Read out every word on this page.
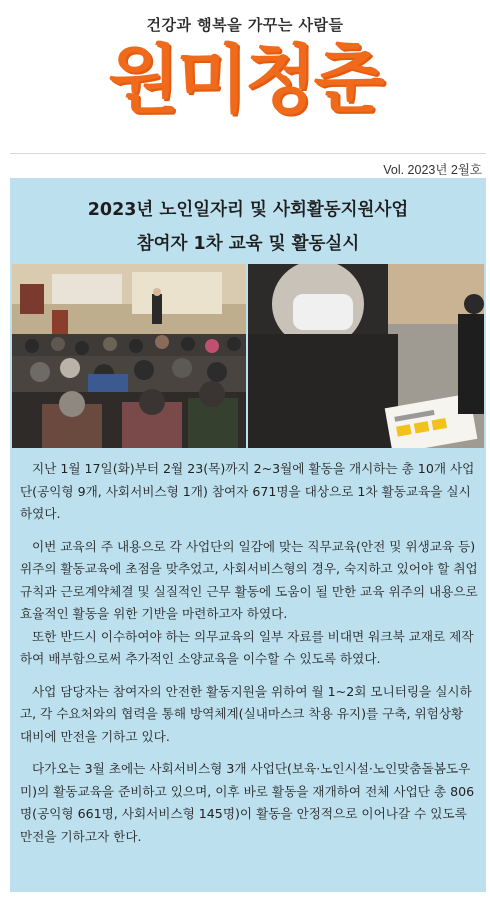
건강과 행복을 가꾸는 사람들
원미청춘
Vol. 2023년 2월호
2023년 노인일자리 및 사회활동지원사업
참여자 1차 교육 및 활동실시

지난 1월 17일(화)부터 2월 23(목)까지 2~3월에 활동을 개시하는 총 10개 사업단(공익형 9개, 사회서비스형 1개) 참여자 671명을 대상으로 1차 활동교육을 실시하였다.

이번 교육의 주 내용으로 각 사업단의 일감에 맞는 직무교육(안전 및 위생교육 등) 위주의 활동교육에 초점을 맞추었고, 사회서비스형의 경우, 숙지하고 있어야 할 취업규칙과 근로계약체결 및 실질적인 근무 활동에 도움이 될 만한 교육 위주의 내용으로 효율적인 활동을 위한 기반을 마련하고자 하였다.

또한 반드시 이수하여야 하는 의무교육의 일부 자료를 비대면 워크북 교재로 제작하여 배부함으로써 추가적인 소양교육을 이수할 수 있도록 하였다.

사업 담당자는 참여자의 안전한 활동지원을 위하여 월 1~2회 모니터링을 실시하고, 각 수요처와의 협력을 통해 방역체계(실내마스크 착용 유지)를 구축, 위험상황 대비에 만전을 기하고 있다.

다가오는 3월 초에는 사회서비스형 3개 사업단(보육·노인시설·노인맞춤돌봄도우미)의 활동교육을 준비하고 있으며, 이후 바로 활동을 재개하여 전체 사업단 총 806명(공익형 661명, 사회서비스형 145명)이 활동을 안정적으로 이어나갈 수 있도록 만전을 기하고자 한다.
